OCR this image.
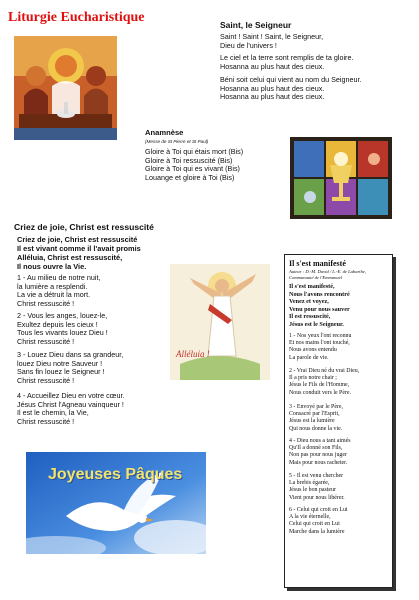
Liturgie Eucharistique	Saint, le Seigneur
Saint ! Saint ! Saint, le Seigneur,
Dieu de l'univers !
Le ciel et la terre sont remplis de ta gloire.
Hosanna au plus haut des cieux.
Béni soit celui qui vient au nom du Seigneur.
Hosanna au plus haut des cieux.
Hosanna au plus haut des cieux.
Anamnèse
(Messe de St Pierre et St Paul)
Gloire à Toi qui étais mort (Bis)
Gloire à Toi ressuscité (Bis)
Gloire à Toi qui es vivant (Bis)
Louange et gloire à Toi (Bis)
Criez de joie, Christ est ressuscité
Criez de joie, Christ est ressuscité
Il est vivant comme il l'avait promis
Alléluia, Christ est ressuscité,
Il nous ouvre la Vie.
1 - Au milieu de notre nuit,
la lumière a resplendi.
La vie a détruit la mort.
Christ ressuscité !
2 - Vous les anges, louez-le,
Exultez depuis les cieux !
Tous les vivants louez Dieu !
Christ ressuscité !
3 - Louez Dieu dans sa grandeur,
louez Dieu notre Sauveur !
Sans fin louez le Seigneur !
Christ ressuscité !
4 - Accueillez Dieu en votre cœur.
Jésus Christ l'Agneau vainqueur !
Il est le chemin, la Vie,
Christ ressuscité !
Alléluia !
Il s'est manifesté
Auteur : D.-M. David / L.-E. de Labarthe,
Communauté de l'Emmanuel
Il s'est manifesté,
Nous l'avons rencontré
Venez et voyez,
Venu pour nous sauver
Il est ressuscité,
Jésus est le Seigneur.
1 - Nos yeux l'ont reconnu
Et nos mains l'ont touché,
Nous avons entendu
La parole de vie.
2 - Vrai Dieu né du vrai Dieu,
Il a pris notre chair ;
Jésus le Fils de l'Homme,
Nous conduit vers le Père.
3 - Envoyé par le Père,
Consacré par l'Esprit,
Jésus est la lumière
Qui nous donne la vie.
4 - Dieu nous a tant aimés
Qu'Il a donné son Fils,
Non pas pour nous juger
Mais pour nous racheter.
5 - Il est venu chercher
La brebis égarée,
Jésus le bon pasteur
Vient pour nous libérer.
6 - Celui qui croit en Lui
A la vie éternelle,
Celui qui croit en Lui
Marche dans la lumière
Joyeuses Pâques
